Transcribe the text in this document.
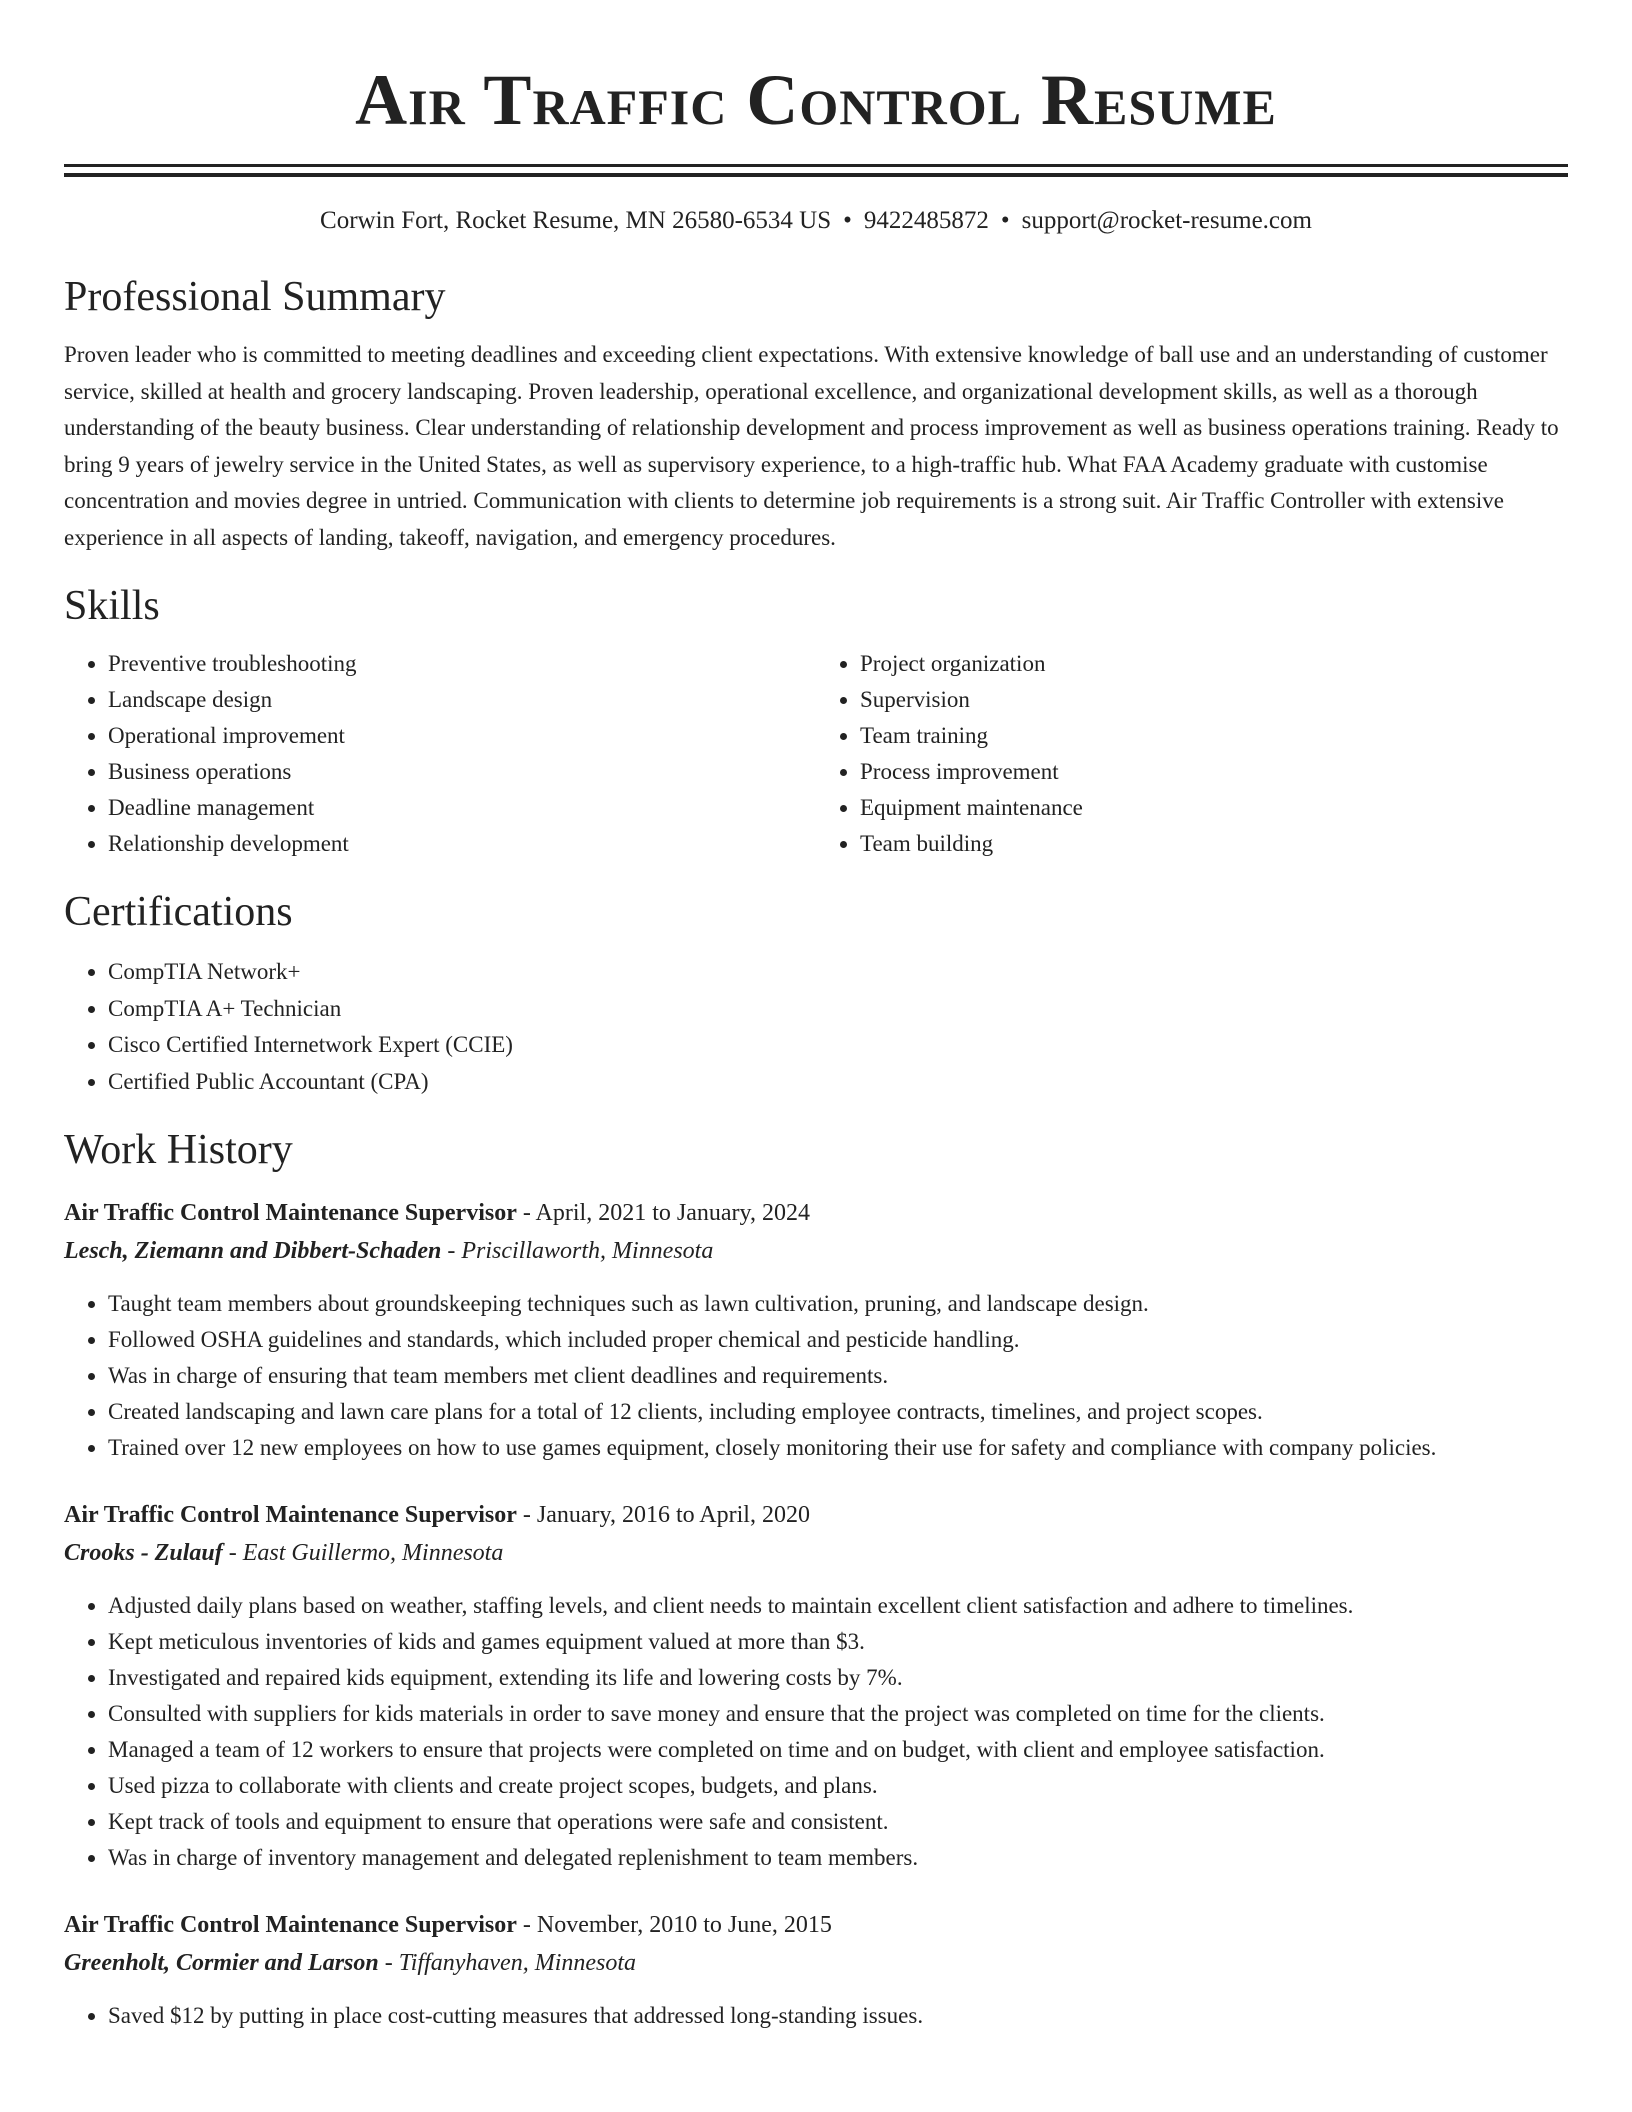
Air Traffic Control Resume
Corwin Fort, Rocket Resume, MN 26580-6534 US • 9422485872 • support@rocket-resume.com
Professional Summary

Proven leader who is committed to meeting deadlines and exceeding client expectations. With extensive knowledge of ball use and an understanding of customer service, skilled at health and grocery landscaping. Proven leadership, operational excellence, and organizational development skills, as well as a thorough understanding of the beauty business. Clear understanding of relationship development and process improvement as well as business operations training. Ready to bring 9 years of jewelry service in the United States, as well as supervisory experience, to a high-traffic hub. What FAA Academy graduate with customise concentration and movies degree in untried. Communication with clients to determine job requirements is a strong suit. Air Traffic Controller with extensive experience in all aspects of landing, takeoff, navigation, and emergency procedures.

Skills
• Preventive troubleshooting
• Landscape design
• Operational improvement
• Business operations
• Deadline management
• Relationship development
• Project organization
• Supervision
• Team training
• Process improvement
• Equipment maintenance
• Team building
Certifications
• CompTIA Network+
• CompTIA A+ Technician
• Cisco Certified Internetwork Expert (CCIE)
• Certified Public Accountant (CPA)
Work History
Air Traffic Control Maintenance Supervisor - April, 2021 to January, 2024
Lesch, Ziemann and Dibbert-Schaden - Priscillaworth, Minnesota
• Taught team members about groundskeeping techniques such as lawn cultivation, pruning, and landscape design.
• Followed OSHA guidelines and standards, which included proper chemical and pesticide handling.
• Was in charge of ensuring that team members met client deadlines and requirements.
• Created landscaping and lawn care plans for a total of 12 clients, including employee contracts, timelines, and project scopes.
• Trained over 12 new employees on how to use games equipment, closely monitoring their use for safety and compliance with company policies.
Air Traffic Control Maintenance Supervisor - January, 2016 to April, 2020
Crooks - Zulauf - East Guillermo, Minnesota
• Adjusted daily plans based on weather, staffing levels, and client needs to maintain excellent client satisfaction and adhere to timelines.
• Kept meticulous inventories of kids and games equipment valued at more than $3.
• Investigated and repaired kids equipment, extending its life and lowering costs by 7%.
• Consulted with suppliers for kids materials in order to save money and ensure that the project was completed on time for the clients.
• Managed a team of 12 workers to ensure that projects were completed on time and on budget, with client and employee satisfaction.
• Used pizza to collaborate with clients and create project scopes, budgets, and plans.
• Kept track of tools and equipment to ensure that operations were safe and consistent.
• Was in charge of inventory management and delegated replenishment to team members.
Air Traffic Control Maintenance Supervisor - November, 2010 to June, 2015
Greenholt, Cormier and Larson - Tiffanyhaven, Minnesota
• Saved $12 by putting in place cost-cutting measures that addressed long-standing issues.
